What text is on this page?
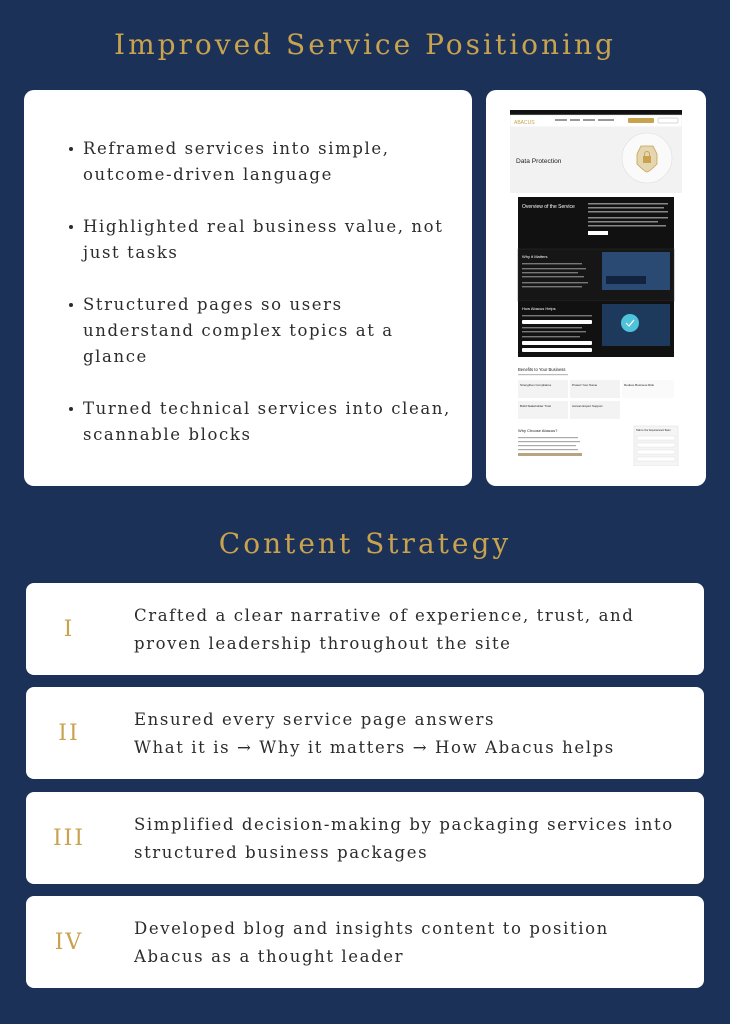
Improved Service Positioning
Reframed services into simple, outcome-driven language
Highlighted real business value, not just tasks
Structured pages so users understand complex topics at a glance
Turned technical services into clean, scannable blocks
ABACUS
Data Protection
Overview of the Service
Why it Matters
How Abacus Helps
Benefits to Your Business
Strengthen Compliance	Protect Your Name	Reduce Business Risk
Build Stakeholder Trust	Access Expert Support
Why Choose Abacus?	Talk to Our Experienced Team
Content Strategy
I
Crafted a clear narrative of experience, trust, and
proven leadership throughout the site
II
Ensured every service page answers
What it is → Why it matters → How Abacus helps
III
Simplified decision-making by packaging services into
structured business packages
IV
Developed blog and insights content to position
Abacus as a thought leader
